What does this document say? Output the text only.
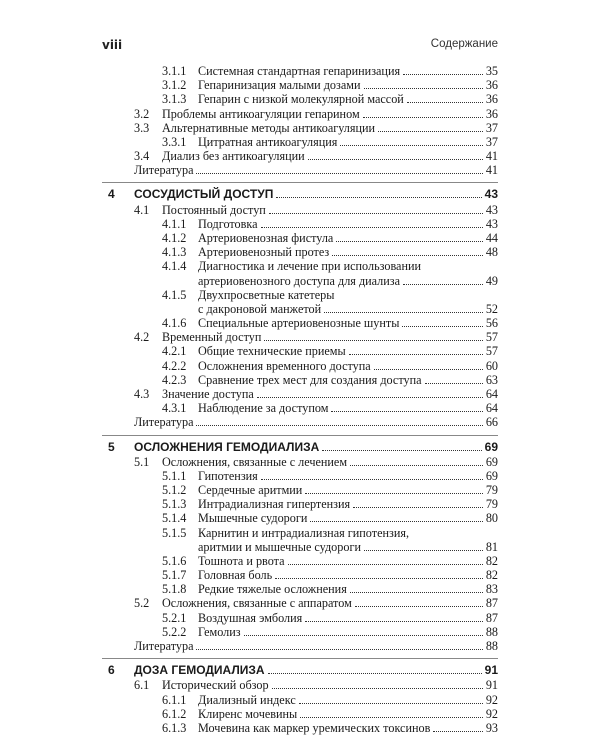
viii	Содержание
3.1.1 Системная стандартная гепаринизация	35
3.1.2 Гепаринизация малыми дозами	36
3.1.3 Гепарин с низкой молекулярной массой	36
3.2 Проблемы антикоагуляции гепарином	36
3.3 Альтернативные методы антикоагуляции	37
3.3.1 Цитратная антикоагуляция	37
3.4 Диализ без антикоагуляции	41
Литература	41
4 СОСУДИСТЫЙ ДОСТУП	43
4.1 Постоянный доступ	43
4.1.1 Подготовка	43
4.1.2 Артериовенозная фистула	44
4.1.3 Артериовенозный протез	48
4.1.4 Диагностика и лечение при использовании
артериовенозного доступа для диализа	49
4.1.5 Двухпросветные катетеры
с дакроновой манжетой	52
4.1.6 Специальные артериовенозные шунты	56
4.2 Временный доступ	57
4.2.1 Общие технические приемы	57
4.2.2 Осложнения временного доступа	60
4.2.3 Сравнение трех мест для создания доступа	63
4.3 Значение доступа	64
4.3.1 Наблюдение за доступом	64
Литература	66
5 ОСЛОЖНЕНИЯ ГЕМОДИАЛИЗА	69
5.1 Осложнения, связанные с лечением	69
5.1.1 Гипотензия	69
5.1.2 Сердечные аритмии	79
5.1.3 Интрадиализная гипертензия	79
5.1.4 Мышечные судороги	80
5.1.5 Карнитин и интрадиализная гипотензия,
аритмии и мышечные судороги	81
5.1.6 Тошнота и рвота	82
5.1.7 Головная боль	82
5.1.8 Редкие тяжелые осложнения	83
5.2 Осложнения, связанные с аппаратом	87
5.2.1 Воздушная эмболия	87
5.2.2 Гемолиз	88
Литература	88
6 ДОЗА ГЕМОДИАЛИЗА	91
6.1 Исторический обзор	91
6.1.1 Диализный индекс	92
6.1.2 Клиренс мочевины	92
6.1.3 Мочевина как маркер уремических токсинов	93
